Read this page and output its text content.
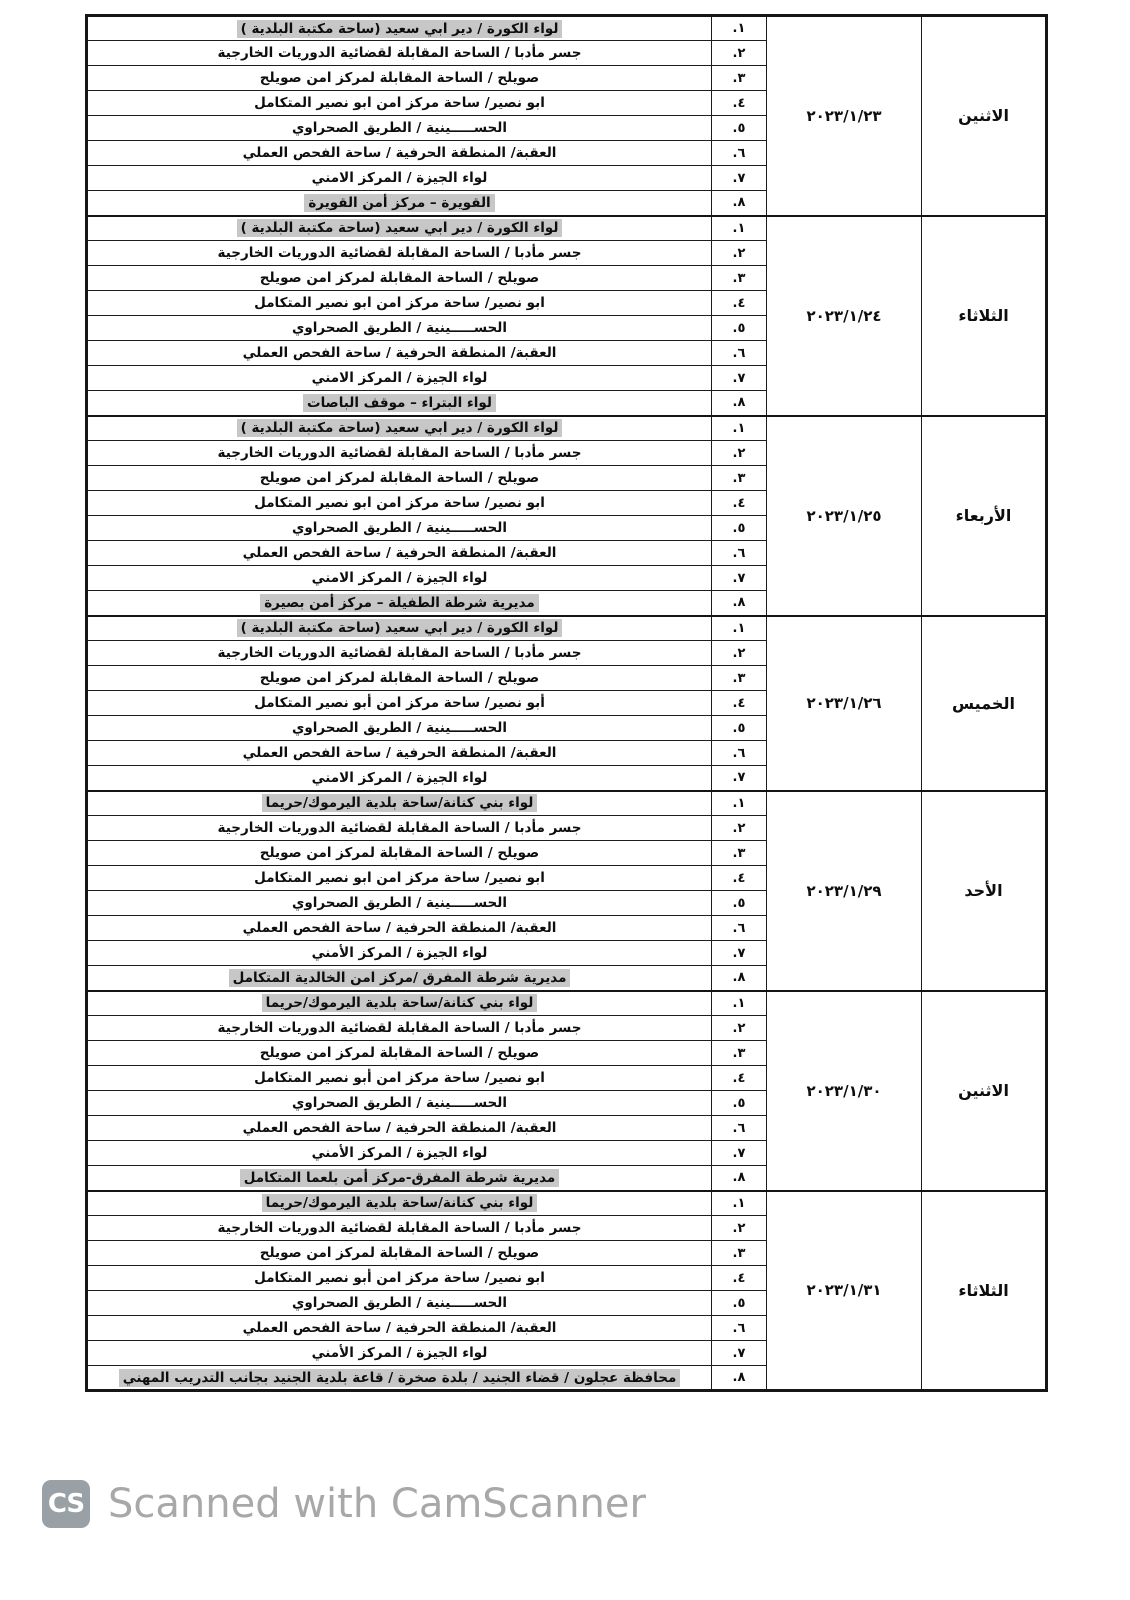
لواء الكورة / دير ابي سعيد (ساحة مكتبة البلدية )	١.	٢٠٢٣/١/٢٣	الاثنين
جسر مأدبا / الساحة المقابلة لقضائية الدوريات الخارجية	٢.		
صويلح / الساحة المقابلة لمركز امن صويلح	٣.		
ابو نصير/ ساحة مركز امن ابو نصير المتكامل	٤.		
الحســـــينية / الطريق الصحراوي	٥.		
العقبة/ المنطقة الحرفية / ساحة الفحص العملي	٦.		
لواء الجيزة / المركز الامني	٧.		
القويرة – مركز أمن القويرة	٨.		
لواء الكورة / دير ابي سعيد (ساحة مكتبة البلدية )	١.	٢٠٢٣/١/٢٤	الثلاثاء
جسر مأدبا / الساحة المقابلة لقضائية الدوريات الخارجية	٢.		
صويلح / الساحة المقابلة لمركز امن صويلح	٣.		
ابو نصير/ ساحة مركز امن ابو نصير المتكامل	٤.		
الحســـــينية / الطريق الصحراوي	٥.		
العقبة/ المنطقة الحرفية / ساحة الفحص العملي	٦.		
لواء الجيزة / المركز الامني	٧.		
لواء البتراء – موقف الباصات	٨.		
لواء الكورة / دير ابي سعيد (ساحة مكتبة البلدية )	١.	٢٠٢٣/١/٢٥	الأربعاء
جسر مأدبا / الساحة المقابلة لقضائية الدوريات الخارجية	٢.		
صويلح / الساحة المقابلة لمركز امن صويلح	٣.		
ابو نصير/ ساحة مركز امن ابو نصير المتكامل	٤.		
الحســـــينية / الطريق الصحراوي	٥.		
العقبة/ المنطقة الحرفية / ساحة الفحص العملي	٦.		
لواء الجيزة / المركز الامني	٧.		
مديرية شرطة الطفيلة – مركز أمن بصيرة	٨.		
لواء الكورة / دير ابي سعيد (ساحة مكتبة البلدية )	١.	٢٠٢٣/١/٢٦	الخميس
جسر مأدبا / الساحة المقابلة لقضائية الدوريات الخارجية	٢.		
صويلح / الساحة المقابلة لمركز امن صويلح	٣.		
أبو نصير/ ساحة مركز امن أبو نصير المتكامل	٤.		
الحســـــينية / الطريق الصحراوي	٥.		
العقبة/ المنطقة الحرفية / ساحة الفحص العملي	٦.		
لواء الجيزة / المركز الامني	٧.		
لواء بني كنانة/ساحة بلدية اليرموك/حريما	١.	٢٠٢٣/١/٢٩	الأحد
جسر مأدبا / الساحة المقابلة لقضائية الدوريات الخارجية	٢.		
صويلح / الساحة المقابلة لمركز امن صويلح	٣.		
ابو نصير/ ساحة مركز امن ابو نصير المتكامل	٤.		
الحســـــينية / الطريق الصحراوي	٥.		
العقبة/ المنطقة الحرفية / ساحة الفحص العملي	٦.		
لواء الجيزة / المركز الأمني	٧.		
مديرية شرطة المفرق /مركز امن الخالدية المتكامل	٨.		
لواء بني كنانة/ساحة بلدية اليرموك/حريما	١.	٢٠٢٣/١/٣٠	الاثنين
جسر مأدبا / الساحة المقابلة لقضائية الدوريات الخارجية	٢.		
صويلح / الساحة المقابلة لمركز امن صويلح	٣.		
ابو نصير/ ساحة مركز امن أبو نصير المتكامل	٤.		
الحســـــينية / الطريق الصحراوي	٥.		
العقبة/ المنطقة الحرفية / ساحة الفحص العملي	٦.		
لواء الجيزة / المركز الأمني	٧.		
مديرية شرطة المفرق-مركز أمن بلعما المتكامل	٨.		
لواء بني كنانة/ساحة بلدية اليرموك/حريما	١.	٢٠٢٣/١/٣١	الثلاثاء
جسر مأدبا / الساحة المقابلة لقضائية الدوريات الخارجية	٢.		
صويلح / الساحة المقابلة لمركز امن صويلح	٣.		
ابو نصير/ ساحة مركز امن أبو نصير المتكامل	٤.		
الحســـــينية / الطريق الصحراوي	٥.		
العقبة/ المنطقة الحرفية / ساحة الفحص العملي	٦.		
لواء الجيزة / المركز الأمني	٧.		
محافظة عجلون / قضاء الجنيد / بلدة صخرة / قاعة بلدية الجنيد بجانب التدريب المهني	٨.		
CS Scanned with CamScanner
